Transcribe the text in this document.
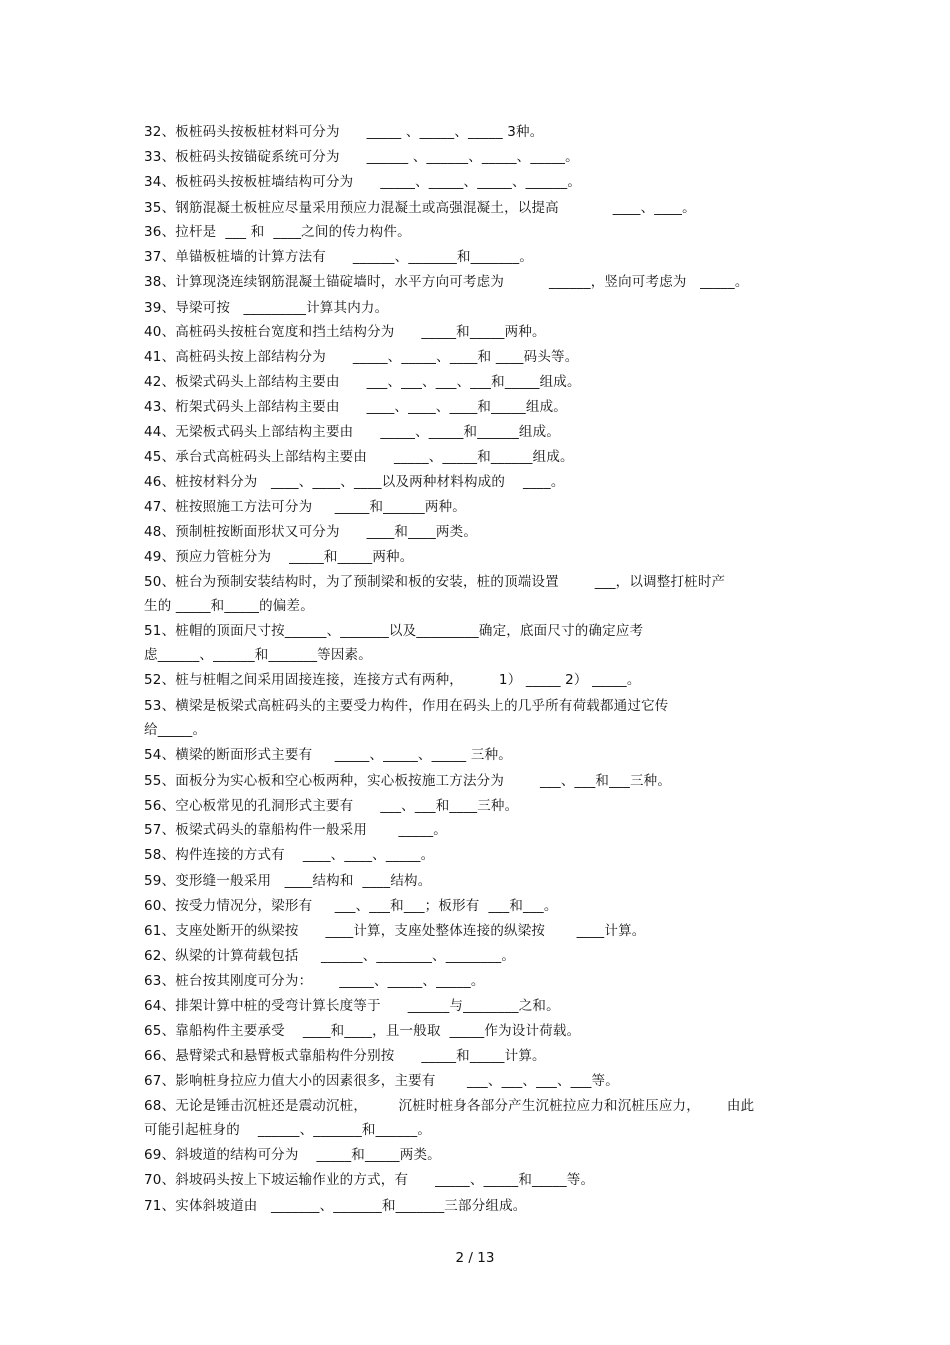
32、板桩码头按板桩材料可分为      _____ 、_____、_____ 3种。
33、板桩码头按锚碇系统可分为      ______ 、______、_____、_____。
34、板桩码头按板桩墙结构可分为      _____、_____、_____、______。
35、钢筋混凝土板桩应尽量采用预应力混凝土或高强混凝土，以提高            ____、____。
36、拉杆是  ___ 和  ____之间的传力构件。
37、单锚板桩墙的计算方法有      ______、_______和_______。
38、计算现浇连续钢筋混凝土锚碇墙时，水平方向可考虑为          ______，竖向可考虑为   _____。
39、导梁可按   _________计算其内力。
40、高桩码头按桩台宽度和挡土结构分为      _____和_____两种。
41、高桩码头按上部结构分为      _____、_____、____和 ____码头等。
42、板梁式码头上部结构主要由      ___、___、___、___和_____组成。
43、桁架式码头上部结构主要由      ____、____、____和_____组成。
44、无梁板式码头上部结构主要由      _____、_____和______组成。
45、承台式高桩码头上部结构主要由      _____、_____和______组成。
46、桩按材料分为   ____、____、____以及两种材料构成的    ____。
47、桩按照施工方法可分为     _____和______两种。
48、预制桩按断面形状又可分为      ____和____两类。
49、预应力管桩分为    _____和_____两种。
50、桩台为预制安装结构时，为了预制梁和板的安装，桩的顶端设置        ___，以调整打桩时产
生的 _____和_____的偏差。
51、桩帽的顶面尺寸按______、_______以及_________确定，底面尺寸的确定应考
虑______、______和_______等因素。
52、桩与桩帽之间采用固接连接，连接方式有两种，        1） _____ 2） _____。
53、横梁是板梁式高桩码头的主要受力构件，作用在码头上的几乎所有荷载都通过它传
给_____。
54、横梁的断面形式主要有     _____、_____、_____ 三种。
55、面板分为实心板和空心板两种，实心板按施工方法分为        ___、___和___三种。
56、空心板常见的孔洞形式主要有      ___、___和____三种。
57、板梁式码头的靠船构件一般采用       _____。
58、构件连接的方式有    ____、____、_____。
59、变形缝一般采用   ____结构和  ____结构。
60、按受力情况分，梁形有     ___、___和___；板形有  ___和___。
61、支座处断开的纵梁按      ____计算，支座处整体连接的纵梁按       ____计算。
62、纵梁的计算荷载包括     ______、________、________。
63、桩台按其刚度可分为：      _____、_____、_____。
64、排架计算中桩的受弯计算长度等于      ______与________之和。
65、靠船构件主要承受    ____和____，且一般取  _____作为设计荷载。
66、悬臂梁式和悬臂板式靠船构件分别按      _____和_____计算。
67、影响桩身拉应力值大小的因素很多，主要有       ___、___、___、___等。
68、无论是锤击沉桩还是震动沉桩，       沉桩时桩身各部分产生沉桩拉应力和沉桩压应力，      由此
可能引起桩身的    ______、_______和______。
69、斜坡道的结构可分为    _____和_____两类。
70、斜坡码头按上下坡运输作业的方式，有      _____、_____和_____等。
71、实体斜坡道由   _______、_______和_______三部分组成。
2 / 13
